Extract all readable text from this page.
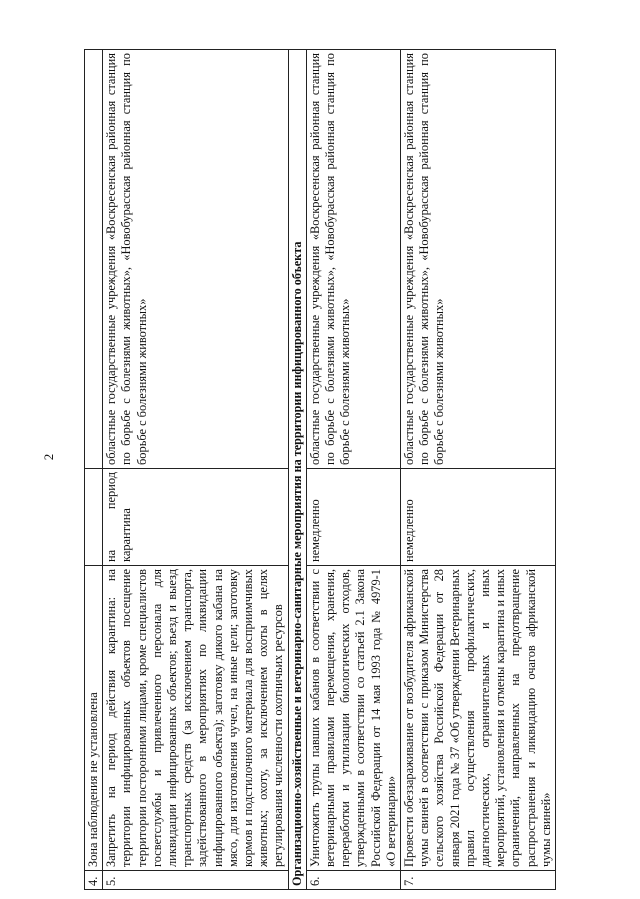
2
4.	Зона наблюдения не установлена		
5.	Запретить на период действия карантина: на территории инфицированных объектов посещение территории посторонними лицами, кроме специалистов госветслужбы и привлеченного персонала для ликвидации инфицированных объектов; въезд и выезд транспортных средств (за исключением транспорта, задействованного в мероприятиях по ликвидации инфицированного объекта); заготовку дикого кабана на мясо, для изготовления чучел, на иные цели; заготовку кормов и подстилочного материала для восприимчивых животных; охоту, за исключением охоты в целях регулирования численности охотничьих ресурсов	на период карантина	областные государственные учреждения «Воскресенская районная станция по борьбе с болезнями животных», «Новобурасская районная станция по борьбе с болезнями животных»
Организационно-хозяйственные и ветеринарно-санитарные мероприятия на территории инфицированного объекта			
6.	Уничтожить трупы павших кабанов в соответствии с ветеринарными правилами перемещения, хранения, переработки и утилизации биологических отходов, утвержденными в соответствии со статьей 2.1 Закона Российской Федерации от 14 мая 1993 года № 4979-1 «О ветеринарии»	немедленно	областные государственные учреждения «Воскресенская районная станция по борьбе с болезнями животных», «Новобурасская районная станция по борьбе с болезнями животных»
7.	Провести обеззараживание от возбудителя африканской чумы свиней в соответствии с приказом Министерства сельского хозяйства Российской Федерации от 28 января 2021 года № 37 «Об утверждении Ветеринарных правил осуществления профилактических, диагностических, ограничительных и иных мероприятий, установления и отмены карантина и иных ограничений, направленных на предотвращение распространения и ликвидацию очагов африканской чумы свиней»	немедленно	областные государственные учреждения «Воскресенская районная станция по борьбе с болезнями животных», «Новобурасская районная станция по борьбе с болезнями животных»
